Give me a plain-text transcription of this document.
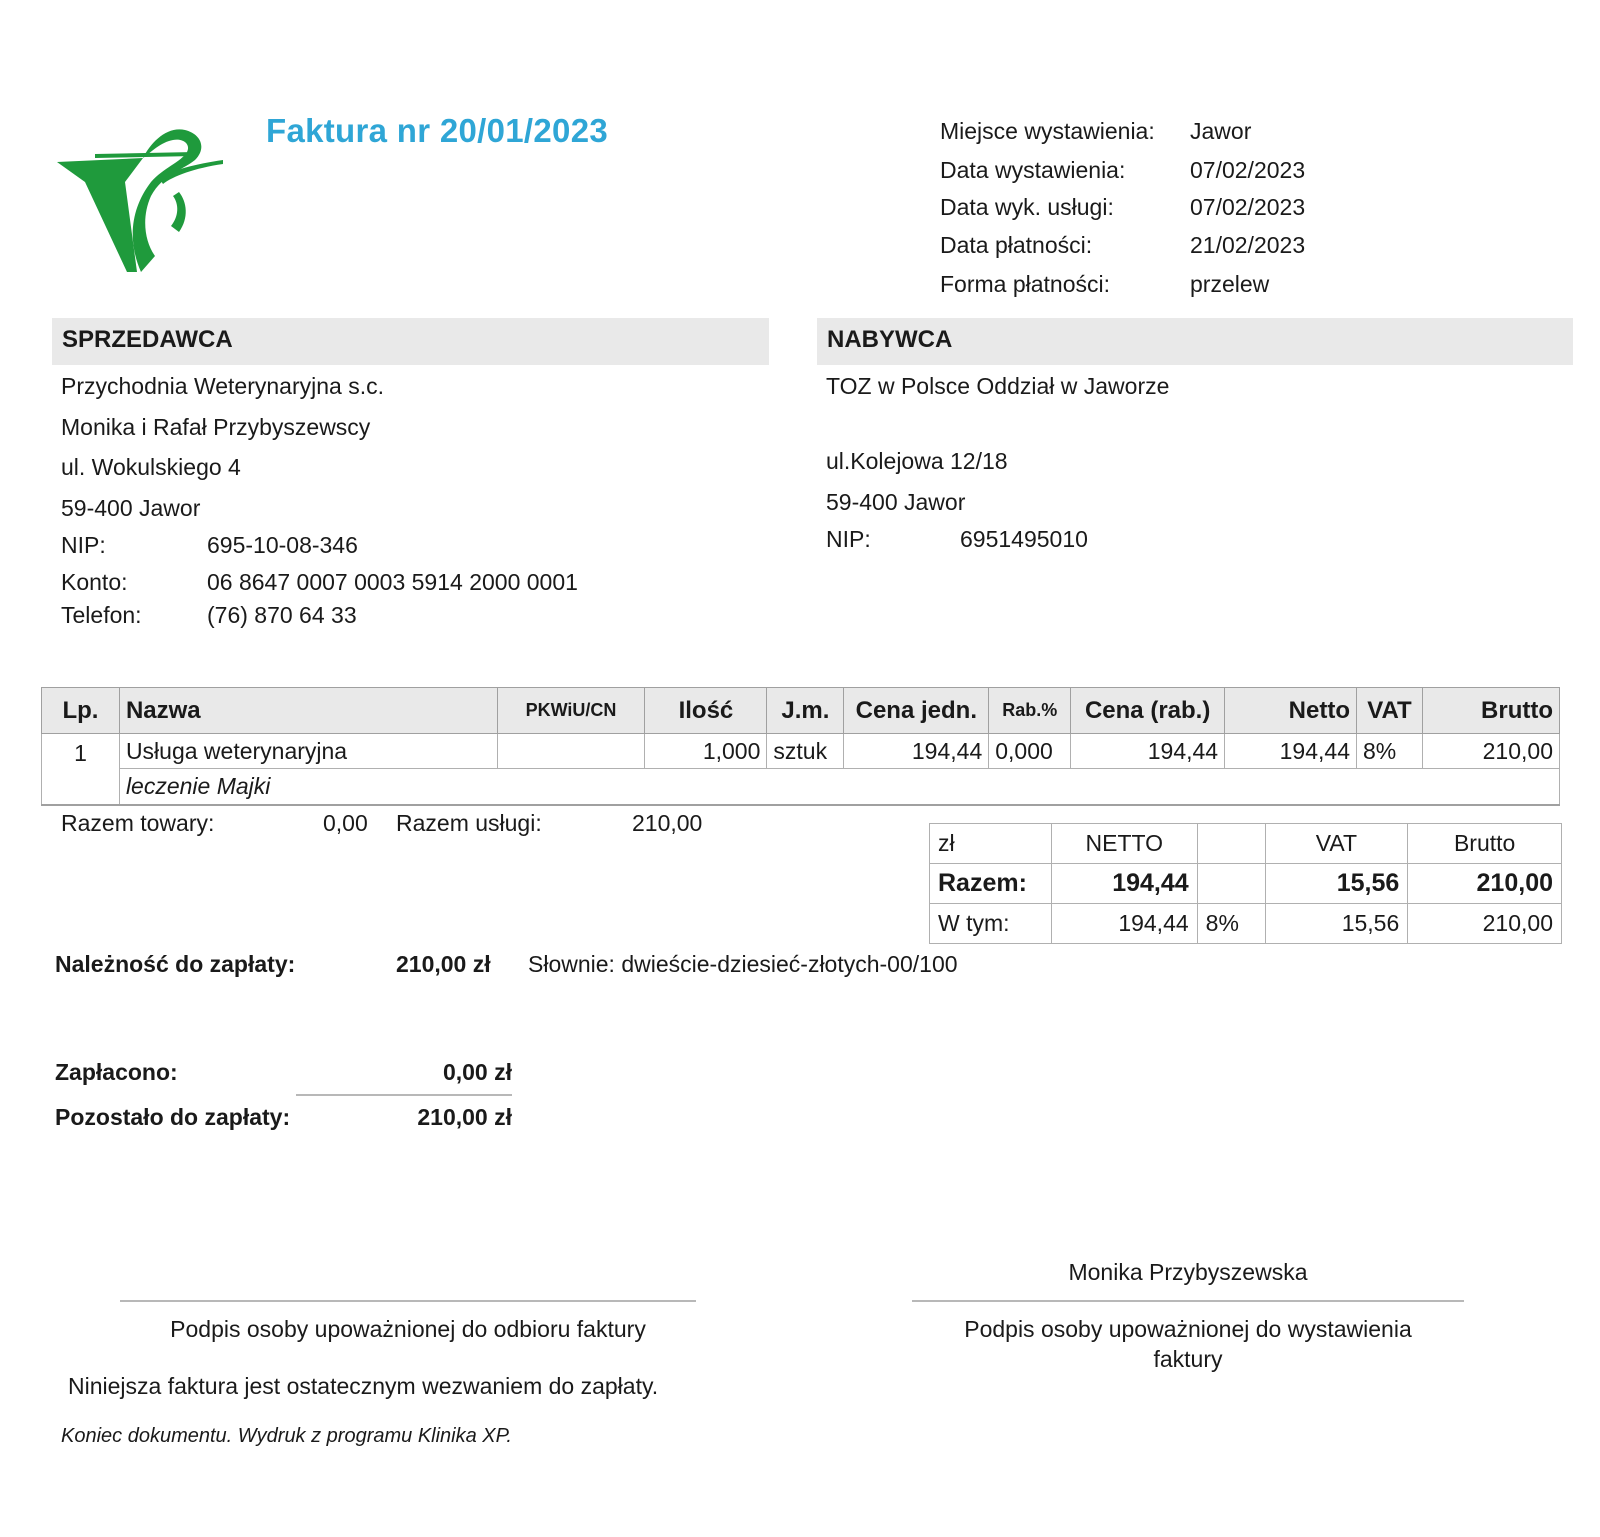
Faktura nr 20/01/2023	Miejsce wystawienia: Jawor
Data wystawienia:	07/02/2023
Data wyk. usługi:	07/02/2023
Data płatności:	21/02/2023
Forma płatności:	przelew
SPRZEDAWCA	NABYWCA
Przychodnia Weterynaryjna s.c.
Monika i Rafał Przybyszewscy
ul. Wokulskiego 4
59-400 Jawor
NIP:	695-10-08-346
Konto:	06 8647 0007 0003 5914 2000 0001
Telefon:	(76) 870 64 33
TOZ w Polsce Oddział w Jaworze
ul.Kolejowa 12/18
59-400 Jawor
NIP:	6951495010
Lp.	Nazwa	PKWiU/CN	Ilość	J.m.	Cena jedn.	Rab.%	Cena (rab.)	Netto	VAT	Brutto
1	Usługa weterynaryjna		1,000	sztuk	194,44	0,000	194,44	194,44	8%	210,00
	leczenie Majki									
Razem towary:	0,00 Razem usługi:	210,00
zł	NETTO		VAT	Brutto
Razem:	194,44		15,56	210,00
W tym:	194,44	8%	15,56	210,00
Należność do zapłaty:	210,00 zł Słownie: dwieście-dziesieć-złotych-00/100
Zapłacono:	0,00 zł
Pozostało do zapłaty:	210,00 zł
Monika Przybyszewska
Podpis osoby upoważnionej do odbioru faktury	Podpis osoby upoważnionej do wystawienia faktury
Niniejsza faktura jest ostatecznym wezwaniem do zapłaty.
Koniec dokumentu. Wydruk z programu Klinika XP.
